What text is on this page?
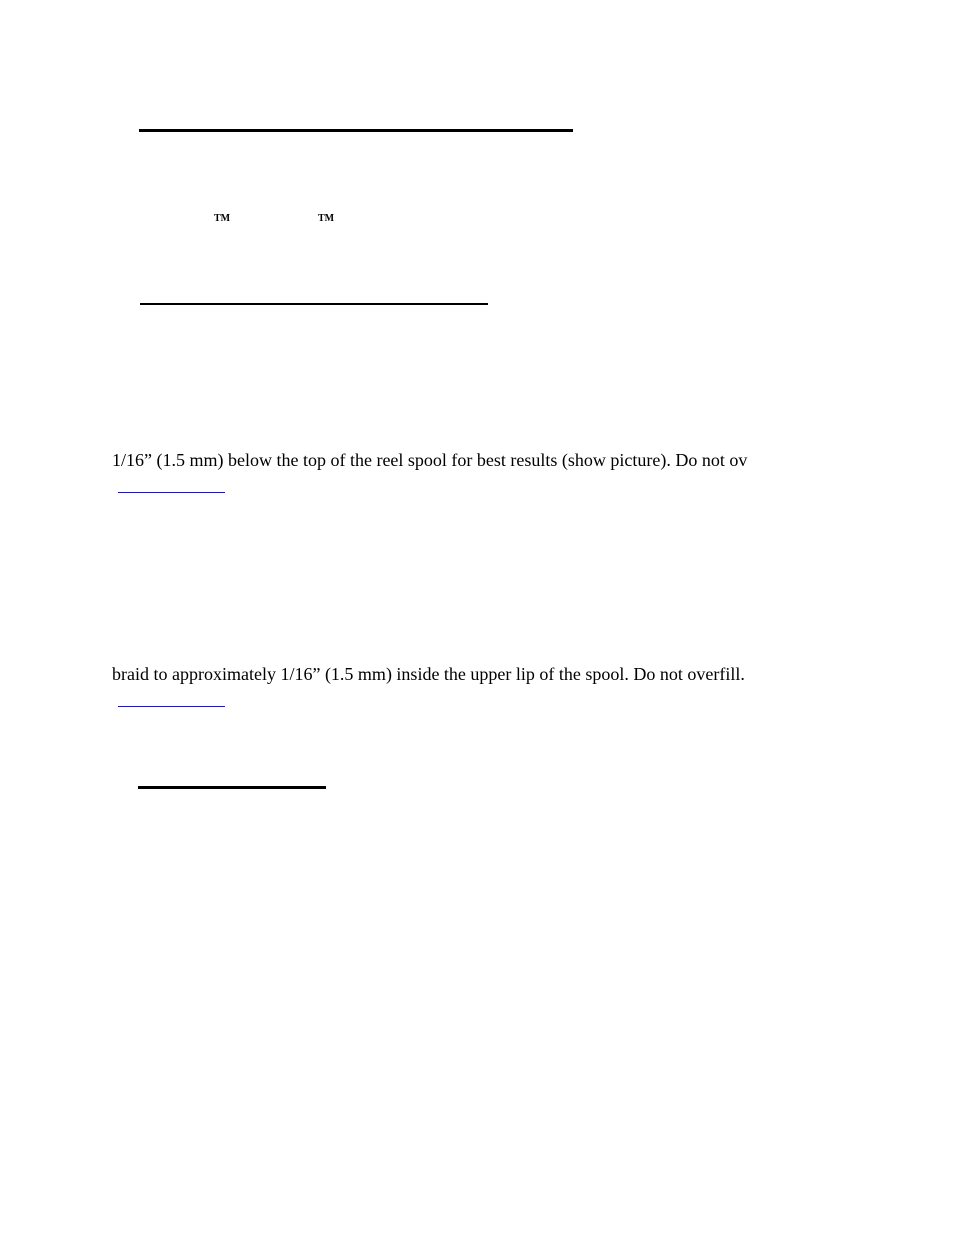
TM	TM
1/16” (1.5 mm) below the top of the reel spool for best results (show picture). Do not ov
braid to approximately 1/16” (1.5 mm) inside the upper lip of the spool. Do not overfill.
